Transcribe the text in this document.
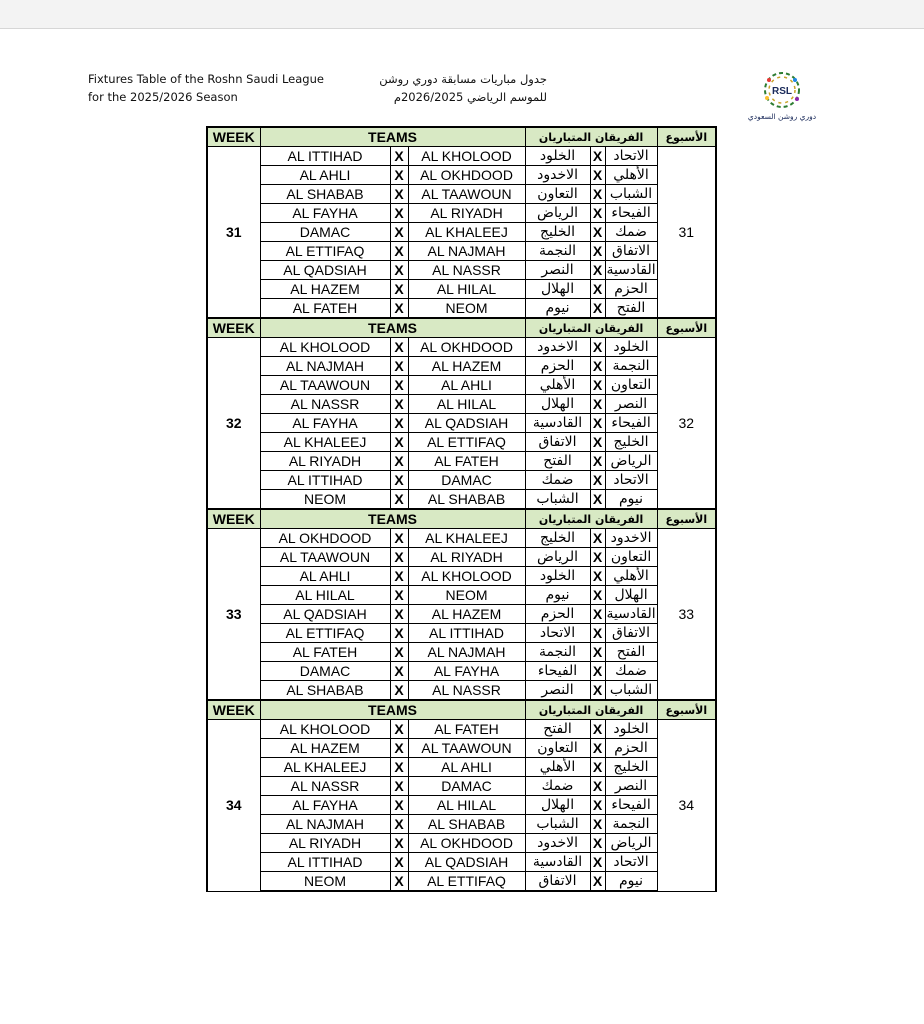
Fixtures Table of the Roshn Saudi League
for the 2025/2026 Season
جدول مباريات مسابقة دوري روشن
للموسم الرياضي 2026/2025م	RSL
دوري روشن السعودي
WEEK	TEAMS			الفريقان المتباريان			الأسبوع
31	AL ITTIHAD	X	AL KHOLOOD	الخلود	X	الاتحاد	31
	AL AHLI	X	AL OKHDOOD	الاخدود	X	الأهلي	
	AL SHABAB	X	AL TAAWOUN	التعاون	X	الشباب	
	AL FAYHA	X	AL RIYADH	الرياض	X	الفيحاء	
	DAMAC	X	AL KHALEEJ	الخليج	X	ضمك	
	AL ETTIFAQ	X	AL NAJMAH	النجمة	X	الاتفاق	
	AL QADSIAH	X	AL NASSR	النصر	X	القادسية	
	AL HAZEM	X	AL HILAL	الهلال	X	الحزم	
	AL FATEH	X	NEOM	نيوم	X	الفتح	
WEEK	TEAMS			الفريقان المتباريان			الأسبوع
32	AL KHOLOOD	X	AL OKHDOOD	الاخدود	X	الخلود	32
	AL NAJMAH	X	AL HAZEM	الحزم	X	النجمة	
	AL TAAWOUN	X	AL AHLI	الأهلي	X	التعاون	
	AL NASSR	X	AL HILAL	الهلال	X	النصر	
	AL FAYHA	X	AL QADSIAH	القادسية	X	الفيحاء	
	AL KHALEEJ	X	AL ETTIFAQ	الاتفاق	X	الخليج	
	AL RIYADH	X	AL FATEH	الفتح	X	الرياض	
	AL ITTIHAD	X	DAMAC	ضمك	X	الاتحاد	
	NEOM	X	AL SHABAB	الشباب	X	نيوم	
WEEK	TEAMS			الفريقان المتباريان			الأسبوع
33	AL OKHDOOD	X	AL KHALEEJ	الخليج	X	الاخدود	33
	AL TAAWOUN	X	AL RIYADH	الرياض	X	التعاون	
	AL AHLI	X	AL KHOLOOD	الخلود	X	الأهلي	
	AL HILAL	X	NEOM	نيوم	X	الهلال	
	AL QADSIAH	X	AL HAZEM	الحزم	X	القادسية	
	AL ETTIFAQ	X	AL ITTIHAD	الاتحاد	X	الاتفاق	
	AL FATEH	X	AL NAJMAH	النجمة	X	الفتح	
	DAMAC	X	AL FAYHA	الفيحاء	X	ضمك	
	AL SHABAB	X	AL NASSR	النصر	X	الشباب	
WEEK	TEAMS			الفريقان المتباريان			الأسبوع
34	AL KHOLOOD	X	AL FATEH	الفتح	X	الخلود	34
	AL HAZEM	X	AL TAAWOUN	التعاون	X	الحزم	
	AL KHALEEJ	X	AL AHLI	الأهلي	X	الخليج	
	AL NASSR	X	DAMAC	ضمك	X	النصر	
	AL FAYHA	X	AL HILAL	الهلال	X	الفيحاء	
	AL NAJMAH	X	AL SHABAB	الشباب	X	النجمة	
	AL RIYADH	X	AL OKHDOOD	الاخدود	X	الرياض	
	AL ITTIHAD	X	AL QADSIAH	القادسية	X	الاتحاد	
	NEOM	X	AL ETTIFAQ	الاتفاق	X	نيوم	
